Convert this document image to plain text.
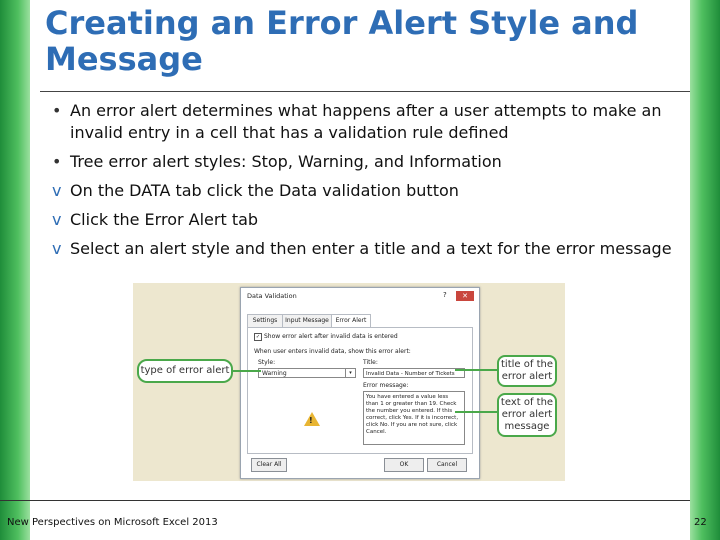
Creating an Error Alert Style and
Message
• An error alert determines what happens after a user attempts to make an
invalid entry in a cell that has a validation rule defined
• Tree error alert styles: Stop, Warning, and Information
v On the DATA tab click the Data validation button
v Click the Error Alert tab
v Select an alert style and then enter a title and a text for the error message
Data Validation	?	✕
Settings	Input Message	Error Alert
✓ Show error alert after invalid data is entered
When user enters invalid data, show this error alert:
Style:
Warning	▾
Title:
Invalid Data - Number of Tickets
Error message:
You have entered a value less
than 1 or greater than 19. Check
the number you entered. If this
correct, click Yes. If it is incorrect,
click No. If you are not sure, click
Cancel.
!
Clear All	OK	Cancel
type of error alert
title of the
error alert
text of the
error alert
message
New Perspectives on Microsoft Excel 2013	22
